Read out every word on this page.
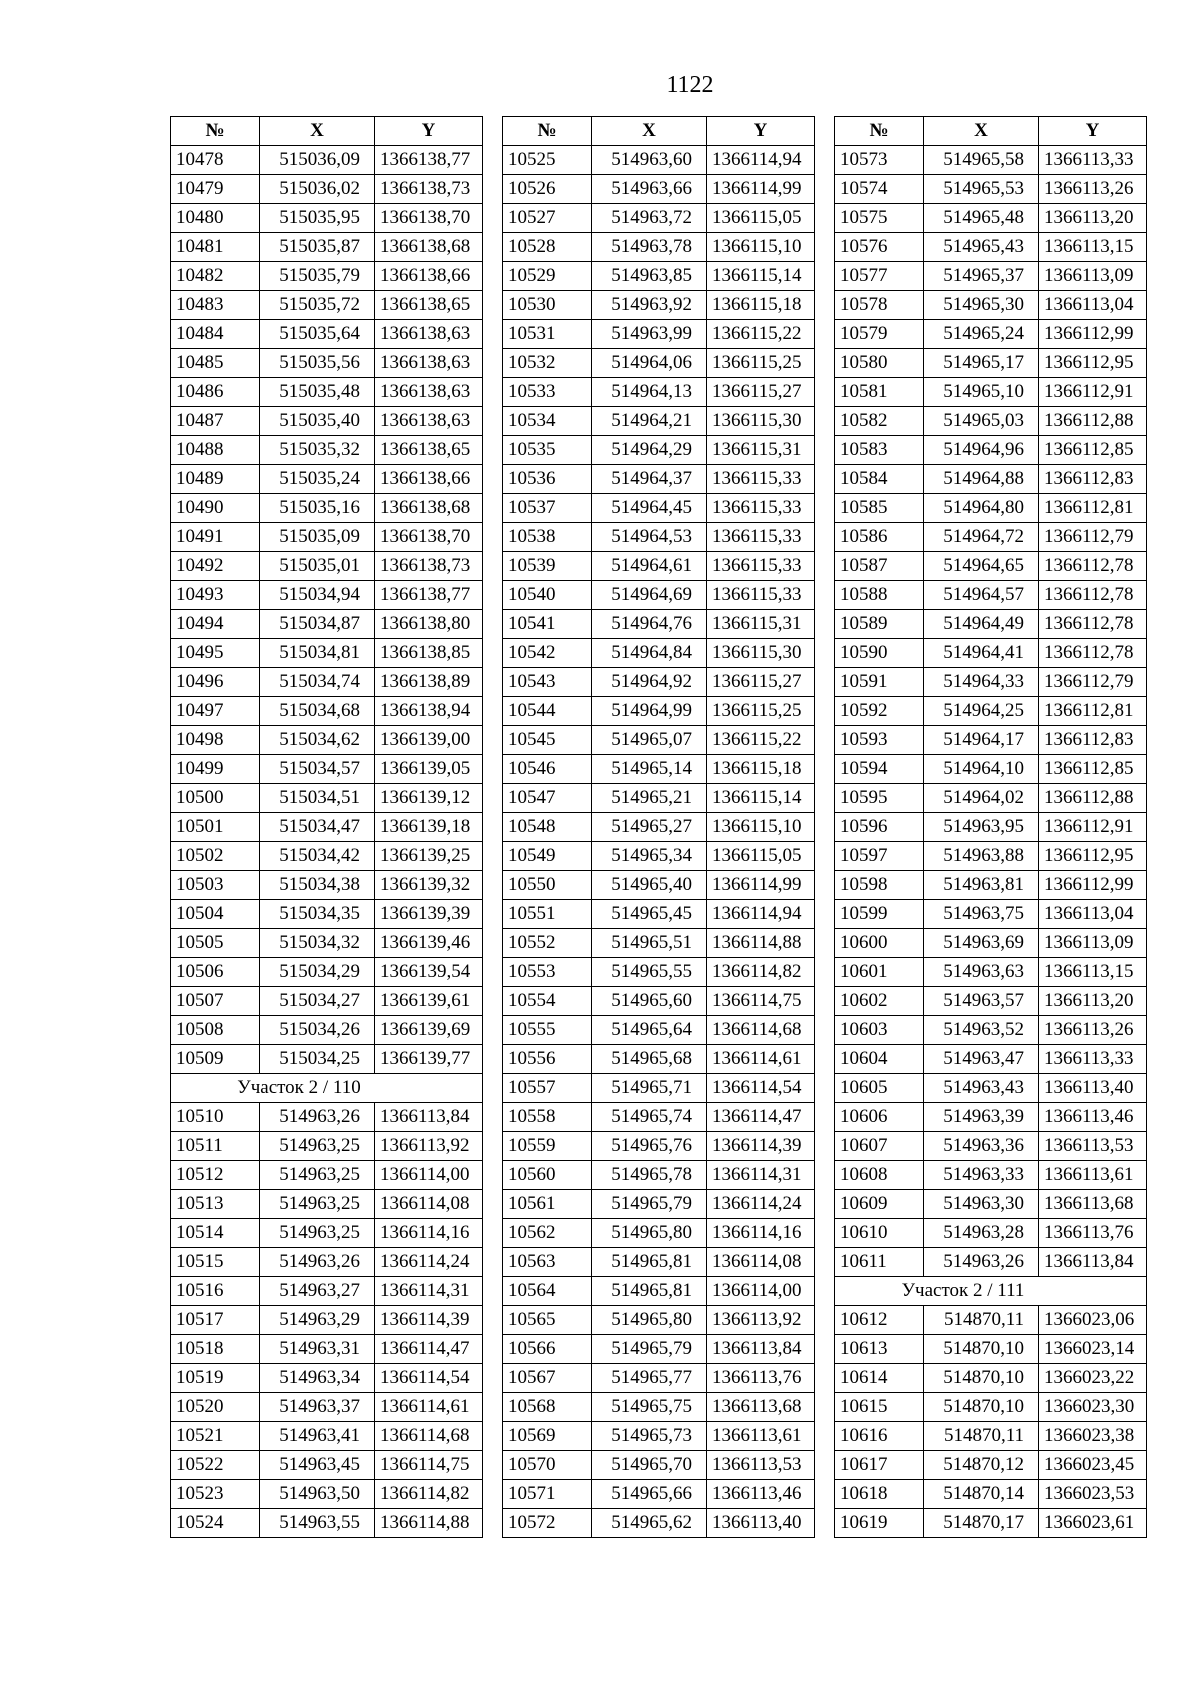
1122
№	X	Y
10478	515036,09	1366138,77
10479	515036,02	1366138,73
10480	515035,95	1366138,70
10481	515035,87	1366138,68
10482	515035,79	1366138,66
10483	515035,72	1366138,65
10484	515035,64	1366138,63
10485	515035,56	1366138,63
10486	515035,48	1366138,63
10487	515035,40	1366138,63
10488	515035,32	1366138,65
10489	515035,24	1366138,66
10490	515035,16	1366138,68
10491	515035,09	1366138,70
10492	515035,01	1366138,73
10493	515034,94	1366138,77
10494	515034,87	1366138,80
10495	515034,81	1366138,85
10496	515034,74	1366138,89
10497	515034,68	1366138,94
10498	515034,62	1366139,00
10499	515034,57	1366139,05
10500	515034,51	1366139,12
10501	515034,47	1366139,18
10502	515034,42	1366139,25
10503	515034,38	1366139,32
10504	515034,35	1366139,39
10505	515034,32	1366139,46
10506	515034,29	1366139,54
10507	515034,27	1366139,61
10508	515034,26	1366139,69
10509	515034,25	1366139,77
Участок 2 / 110		
10510	514963,26	1366113,84
10511	514963,25	1366113,92
10512	514963,25	1366114,00
10513	514963,25	1366114,08
10514	514963,25	1366114,16
10515	514963,26	1366114,24
10516	514963,27	1366114,31
10517	514963,29	1366114,39
10518	514963,31	1366114,47
10519	514963,34	1366114,54
10520	514963,37	1366114,61
10521	514963,41	1366114,68
10522	514963,45	1366114,75
10523	514963,50	1366114,82
10524	514963,55	1366114,88
№	X	Y
10525	514963,60	1366114,94
10526	514963,66	1366114,99
10527	514963,72	1366115,05
10528	514963,78	1366115,10
10529	514963,85	1366115,14
10530	514963,92	1366115,18
10531	514963,99	1366115,22
10532	514964,06	1366115,25
10533	514964,13	1366115,27
10534	514964,21	1366115,30
10535	514964,29	1366115,31
10536	514964,37	1366115,33
10537	514964,45	1366115,33
10538	514964,53	1366115,33
10539	514964,61	1366115,33
10540	514964,69	1366115,33
10541	514964,76	1366115,31
10542	514964,84	1366115,30
10543	514964,92	1366115,27
10544	514964,99	1366115,25
10545	514965,07	1366115,22
10546	514965,14	1366115,18
10547	514965,21	1366115,14
10548	514965,27	1366115,10
10549	514965,34	1366115,05
10550	514965,40	1366114,99
10551	514965,45	1366114,94
10552	514965,51	1366114,88
10553	514965,55	1366114,82
10554	514965,60	1366114,75
10555	514965,64	1366114,68
10556	514965,68	1366114,61
10557	514965,71	1366114,54
10558	514965,74	1366114,47
10559	514965,76	1366114,39
10560	514965,78	1366114,31
10561	514965,79	1366114,24
10562	514965,80	1366114,16
10563	514965,81	1366114,08
10564	514965,81	1366114,00
10565	514965,80	1366113,92
10566	514965,79	1366113,84
10567	514965,77	1366113,76
10568	514965,75	1366113,68
10569	514965,73	1366113,61
10570	514965,70	1366113,53
10571	514965,66	1366113,46
10572	514965,62	1366113,40
№	X	Y
10573	514965,58	1366113,33
10574	514965,53	1366113,26
10575	514965,48	1366113,20
10576	514965,43	1366113,15
10577	514965,37	1366113,09
10578	514965,30	1366113,04
10579	514965,24	1366112,99
10580	514965,17	1366112,95
10581	514965,10	1366112,91
10582	514965,03	1366112,88
10583	514964,96	1366112,85
10584	514964,88	1366112,83
10585	514964,80	1366112,81
10586	514964,72	1366112,79
10587	514964,65	1366112,78
10588	514964,57	1366112,78
10589	514964,49	1366112,78
10590	514964,41	1366112,78
10591	514964,33	1366112,79
10592	514964,25	1366112,81
10593	514964,17	1366112,83
10594	514964,10	1366112,85
10595	514964,02	1366112,88
10596	514963,95	1366112,91
10597	514963,88	1366112,95
10598	514963,81	1366112,99
10599	514963,75	1366113,04
10600	514963,69	1366113,09
10601	514963,63	1366113,15
10602	514963,57	1366113,20
10603	514963,52	1366113,26
10604	514963,47	1366113,33
10605	514963,43	1366113,40
10606	514963,39	1366113,46
10607	514963,36	1366113,53
10608	514963,33	1366113,61
10609	514963,30	1366113,68
10610	514963,28	1366113,76
10611	514963,26	1366113,84
Участок 2 / 111		
10612	514870,11	1366023,06
10613	514870,10	1366023,14
10614	514870,10	1366023,22
10615	514870,10	1366023,30
10616	514870,11	1366023,38
10617	514870,12	1366023,45
10618	514870,14	1366023,53
10619	514870,17	1366023,61
